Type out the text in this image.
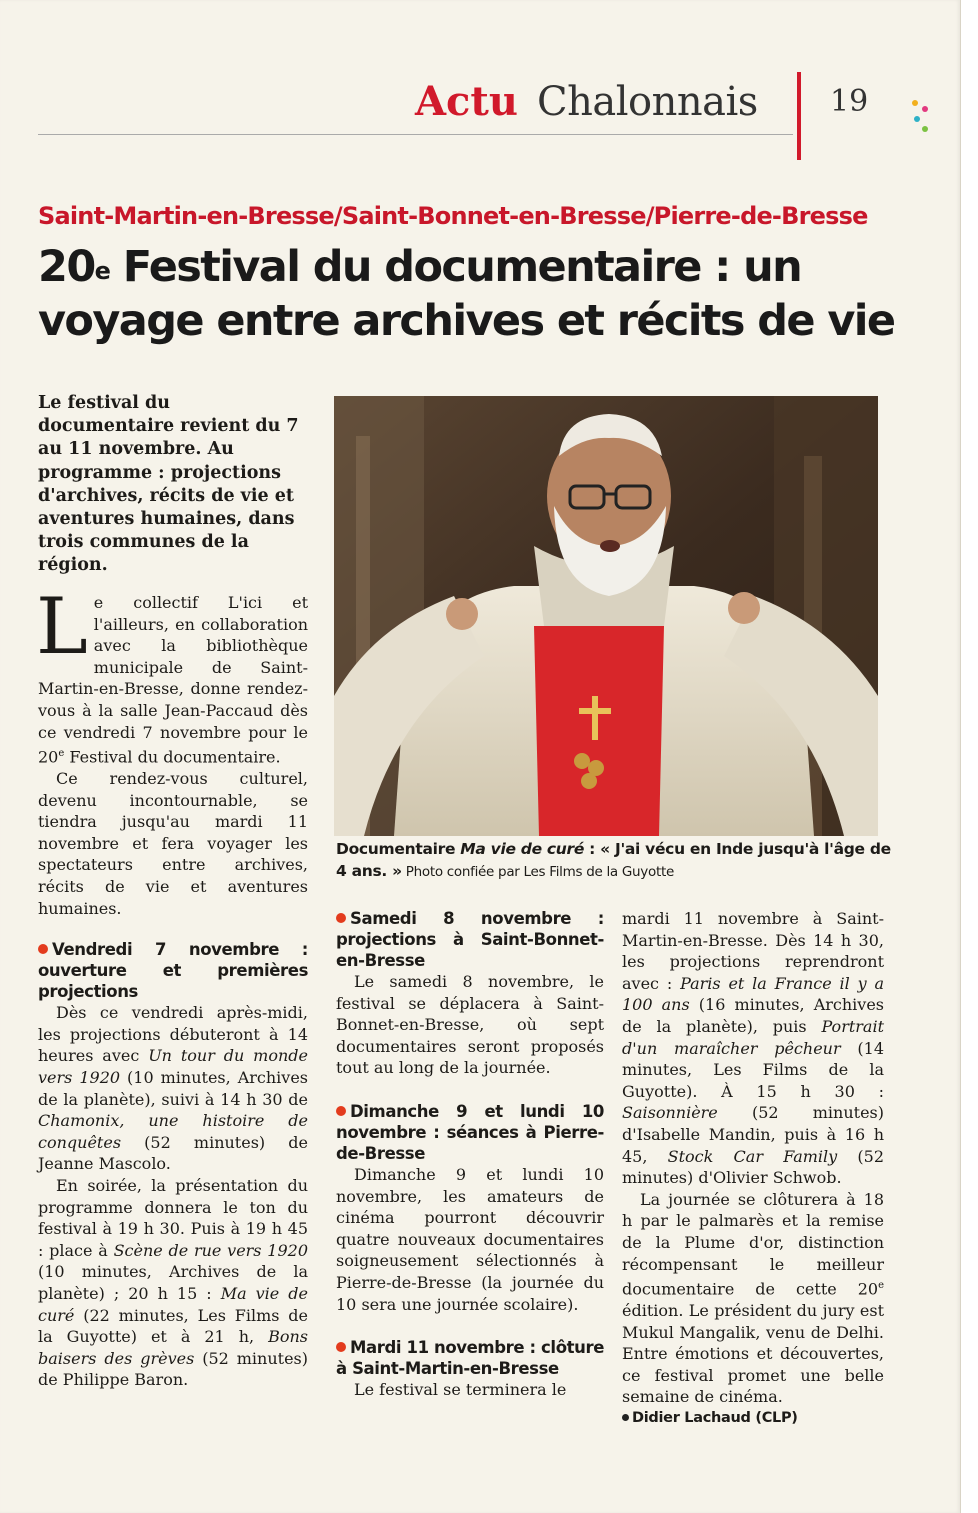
Actu Chalonnais 19
Saint-Martin-en-Bresse/Saint-Bonnet-en-Bresse/Pierre-de-Bresse
20e Festival du documentaire : un
voyage entre archives et récits de vie

Le festival du documentaire revient du 7 au 11 novembre. Au programme : projections d'archives, récits de vie et aventures humaines, dans trois communes de la région.

Le collectif L'ici et l'ailleurs, en collaboration avec la bibliothèque municipale de Saint-Martin-en-Bresse, donne rendez-vous à la salle Jean-Paccaud dès ce vendredi 7 novembre pour le 20e Festival du documentaire.

Ce rendez-vous culturel, devenu incontournable, se tiendra jusqu'au mardi 11 novembre et fera voyager les spectateurs entre archives, récits de vie et aventures humaines.

Vendredi 7 novembre : ouverture et premières projections

Dès ce vendredi après-midi, les projections débuteront à 14 heures avec Un tour du monde vers 1920 (10 minutes, Archives de la planète), suivi à 14 h 30 de Chamonix, une histoire de conquêtes (52 minutes) de Jeanne Mascolo.

En soirée, la présentation du programme donnera le ton du festival à 19 h 30. Puis à 19 h 45 : place à Scène de rue vers 1920 (10 minutes, Archives de la planète) ; 20 h 15 : Ma vie de curé (22 minutes, Les Films de la Guyotte) et à 21 h, Bons baisers des grèves (52 minutes) de Philippe Baron.

Documentaire Ma vie de curé : « J'ai vécu en Inde jusqu'à l'âge de 4 ans. » Photo confiée par Les Films de la Guyotte

Samedi 8 novembre : projections à Saint-Bonnet-en-Bresse

Le samedi 8 novembre, le festival se déplacera à Saint-Bonnet-en-Bresse, où sept documentaires seront proposés tout au long de la journée.

Dimanche 9 et lundi 10 novembre : séances à Pierre-de-Bresse

Dimanche 9 et lundi 10 novembre, les amateurs de cinéma pourront découvrir quatre nouveaux documentaires soigneusement sélectionnés à Pierre-de-Bresse (la journée du 10 sera une journée scolaire).

Mardi 11 novembre : clôture à Saint-Martin-en-Bresse

Le festival se terminera le

mardi 11 novembre à Saint-Martin-en-Bresse. Dès 14 h 30, les projections reprendront avec : Paris et la France il y a 100 ans (16 minutes, Archives de la planète), puis Portrait d'un maraîcher pêcheur (14 minutes, Les Films de la Guyotte). À 15 h 30 : Saisonnière (52 minutes) d'Isabelle Mandin, puis à 16 h 45, Stock Car Family (52 minutes) d'Olivier Schwob.

La journée se clôturera à 18 h par le palmarès et la remise de la Plume d'or, distinction récompensant le meilleur documentaire de cette 20e édition. Le président du jury est Mukul Mangalik, venu de Delhi. Entre émotions et découvertes, ce festival promet une belle semaine de cinéma.

Didier Lachaud (CLP)
